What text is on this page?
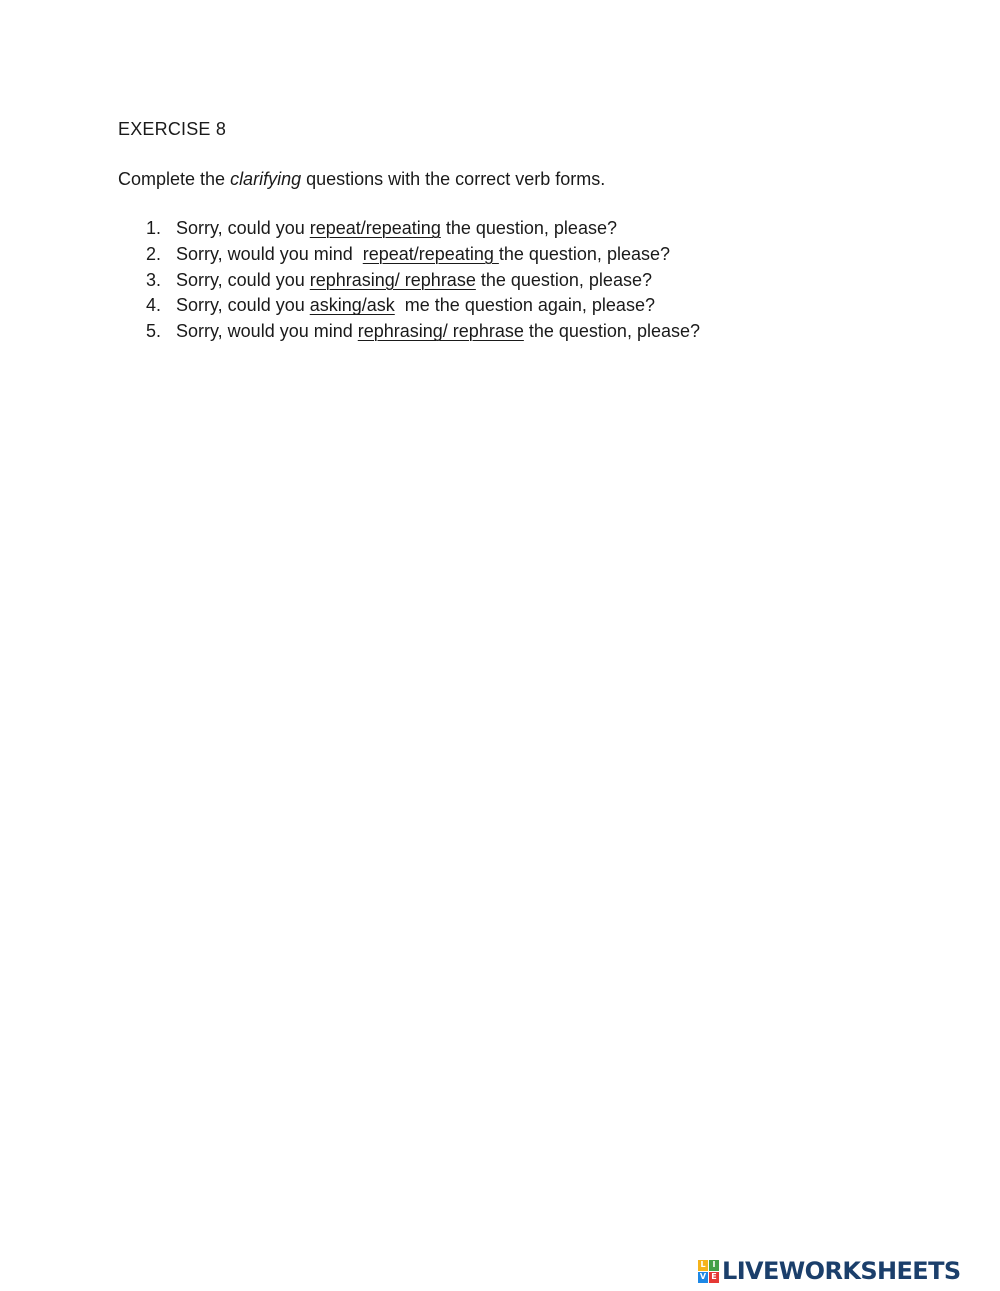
EXERCISE 8
Complete the clarifying questions with the correct verb forms.
1. Sorry, could you repeat/repeating the question, please?
2. Sorry, would you mind repeat/repeating the question, please?
3. Sorry, could you rephrasing/ rephrase the question, please?
4. Sorry, could you asking/ask me the question again, please?
5. Sorry, would you mind rephrasing/ rephrase the question, please?
L I
V E LIVEWORKSHEETS
